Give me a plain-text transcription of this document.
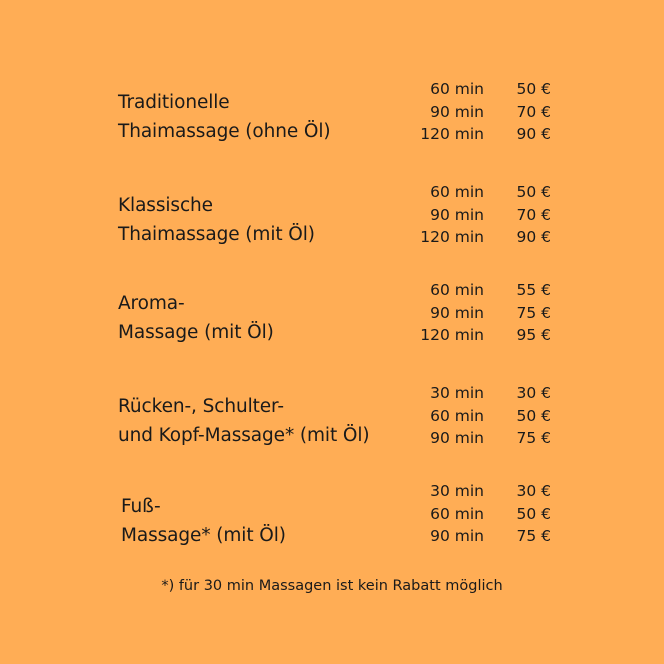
Traditionelle
Thaimassage (ohne Öl)
60 min
90 min
120 min
50 €
70 €
90 €
Klassische
Thaimassage (mit Öl)
60 min
90 min
120 min
50 €
70 €
90 €
Aroma-
Massage (mit Öl)
60 min
90 min
120 min
55 €
75 €
95 €
Rücken-, Schulter-
und Kopf-Massage* (mit Öl)
30 min
60 min
90 min
30 €
50 €
75 €
Fuß-
Massage* (mit Öl)
30 min
60 min
90 min
30 €
50 €
75 €
*) für 30 min Massagen ist kein Rabatt möglich
